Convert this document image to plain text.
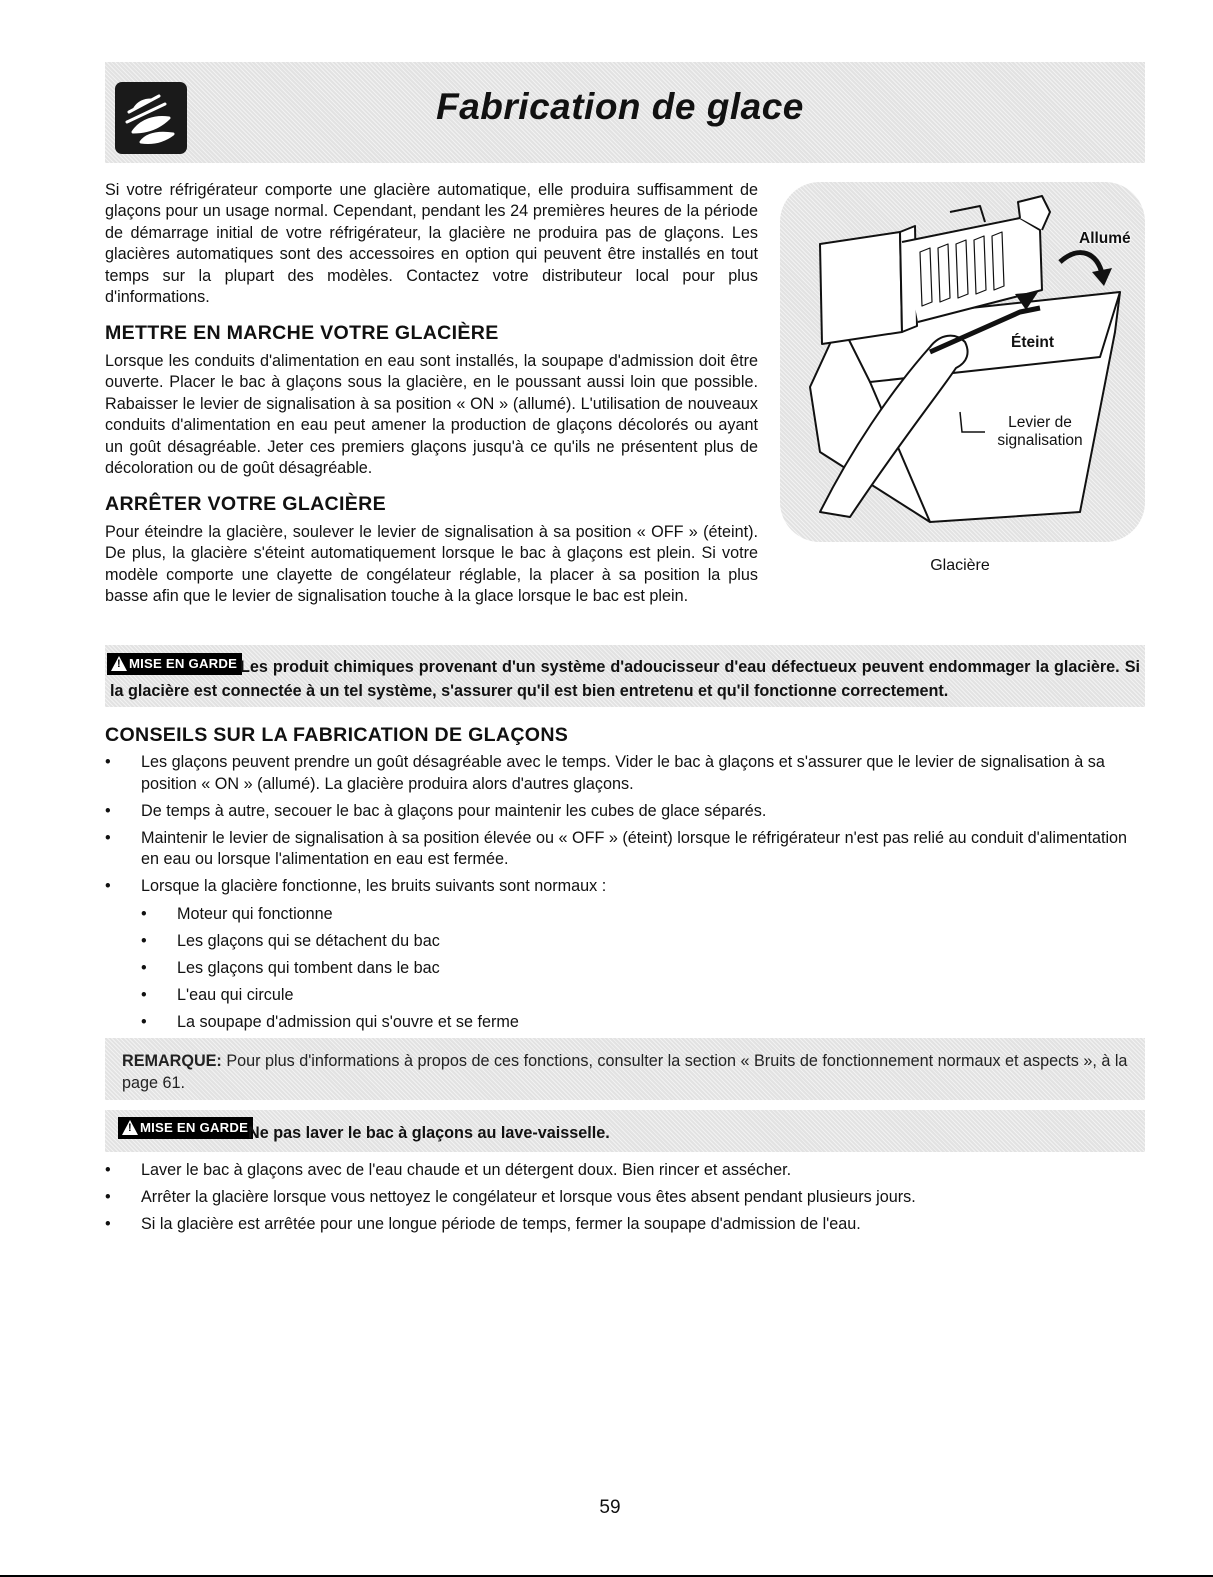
Fabrication de glace
Si votre réfrigérateur comporte une glacière automatique, elle produira suffisamment de glaçons pour un usage normal. Cependant, pendant les 24 premières heures de la période de démarrage initial de votre réfrigérateur, la glacière ne produira pas de glaçons. Les glacières automatiques sont des accessoires en option qui peuvent être installés en tout temps sur la plupart des modèles. Contactez votre distributeur local pour plus d'informations.
METTRE EN MARCHE VOTRE GLACIÈRE
Lorsque les conduits d'alimentation en eau sont installés, la soupape d'admission doit être ouverte. Placer le bac à glaçons sous la glacière, en le poussant aussi loin que possible. Rabaisser le levier de signalisation à sa position « ON » (allumé). L'utilisation de nouveaux conduits d'alimentation en eau peut amener la production de glaçons décolorés ou ayant un goût désagréable. Jeter ces premiers glaçons jusqu'à ce qu'ils ne présentent plus de décoloration ou de goût désagréable.
ARRÊTER VOTRE GLACIÈRE
Pour éteindre la glacière, soulever le levier de signalisation à sa position « OFF » (éteint). De plus, la glacière s'éteint automatiquement lorsque le bac à glaçons est plein. Si votre modèle comporte une clayette de congélateur réglable, la placer à sa position la plus basse afin que le levier de signalisation touche à la glace lorsque le bac est plein.
Allumé
Éteint
Levier de signalisation
Glacière
!
MISE EN GARDE Les produit chimiques provenant d'un système d'adoucisseur d'eau défectueux peuvent endommager la glacière. Si la glacière est connectée à un tel système, s'assurer qu'il est bien entretenu et qu'il fonctionne correctement.
CONSEILS SUR LA FABRICATION DE GLAÇONS
• Les glaçons peuvent prendre un goût désagréable avec le temps. Vider le bac à glaçons et s'assurer que le levier de signalisation à sa position « ON » (allumé). La glacière produira alors d'autres glaçons.
• De temps à autre, secouer le bac à glaçons pour maintenir les cubes de glace séparés.
• Maintenir le levier de signalisation à sa position élevée ou « OFF » (éteint) lorsque le réfrigérateur n'est pas relié au conduit d'alimentation en eau ou lorsque l'alimentation en eau est fermée.
• Lorsque la glacière fonctionne, les bruits suivants sont normaux :
• Moteur qui fonctionne
• Les glaçons qui se détachent du bac
• Les glaçons qui tombent dans le bac
• L'eau qui circule
• La soupape d'admission qui s'ouvre et se ferme
REMARQUE: Pour plus d'informations à propos de ces fonctions, consulter la section « Bruits de fonctionnement normaux et aspects », à la page 61.
!
MISE EN GARDE Ne pas laver le bac à glaçons au lave-vaisselle.
• Laver le bac à glaçons avec de l'eau chaude et un détergent doux. Bien rincer et assécher.
• Arrêter la glacière lorsque vous nettoyez le congélateur et lorsque vous êtes absent pendant plusieurs jours.
• Si la glacière est arrêtée pour une longue période de temps, fermer la soupape d'admission de l'eau.
59
